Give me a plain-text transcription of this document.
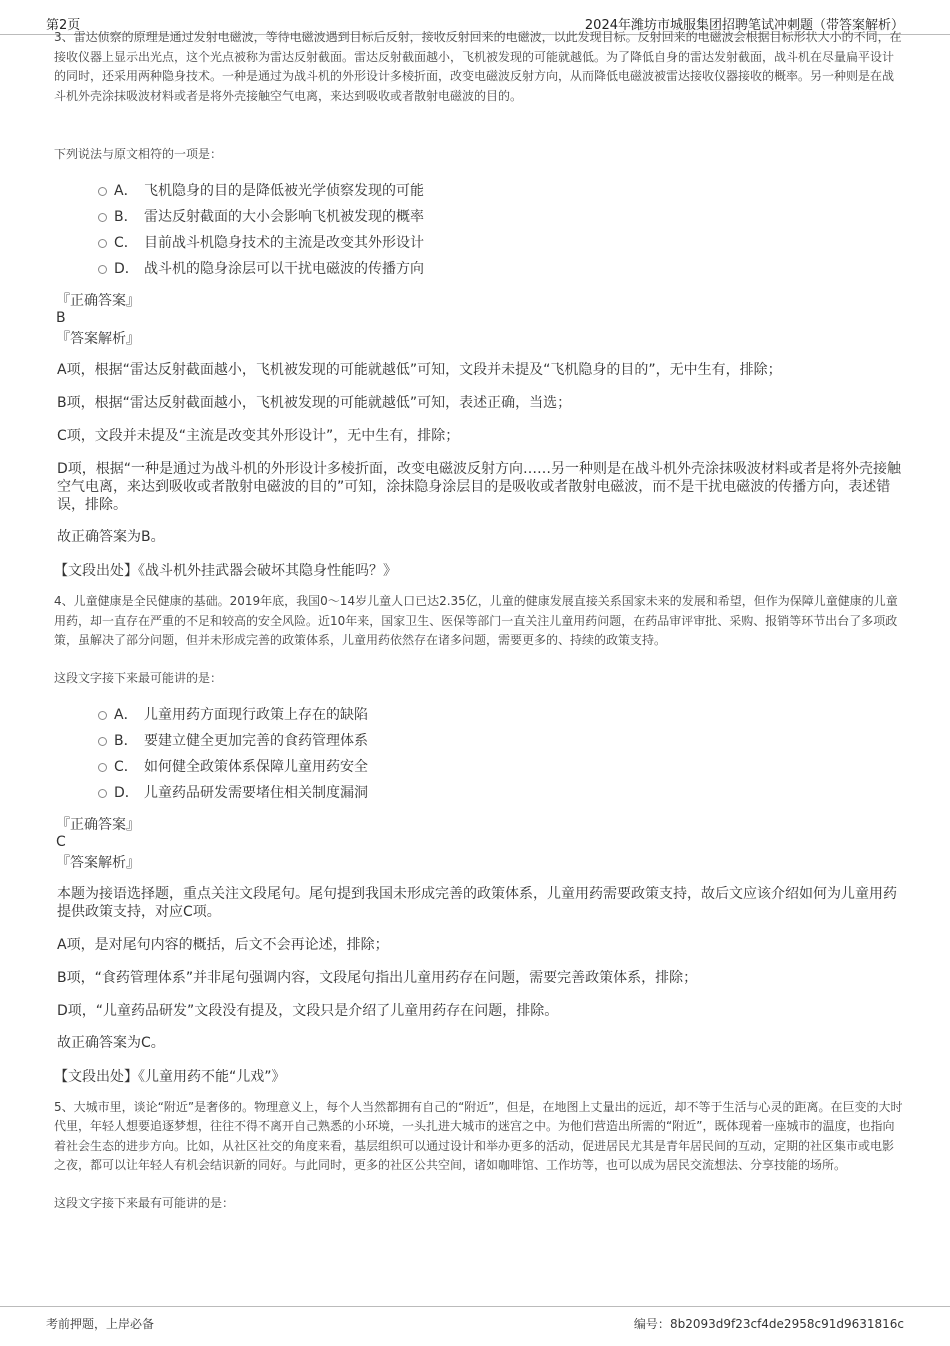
第2页	2024年潍坊市城服集团招聘笔试冲刺题（带答案解析）

3、雷达侦察的原理是通过发射电磁波，等待电磁波遇到目标后反射，接收反射回来的电磁波，以此发现目标。反射回来的电磁波会根据目标形状大小的不同，在接收仪器上显示出光点，这个光点被称为雷达反射截面。雷达反射截面越小，飞机被发现的可能就越低。为了降低自身的雷达发射截面，战斗机在尽量扁平设计的同时，还采用两种隐身技术。一种是通过为战斗机的外形设计多棱折面，改变电磁波反射方向，从而降低电磁波被雷达接收仪器接收的概率。另一种则是在战斗机外壳涂抹吸波材料或者是将外壳接触空气电离，来达到吸收或者散射电磁波的目的。

下列说法与原文相符的一项是：

A． 飞机隐身的目的是降低被光学侦察发现的可能
B． 雷达反射截面的大小会影响飞机被发现的概率
C． 目前战斗机隐身技术的主流是改变其外形设计
D． 战斗机的隐身涂层可以干扰电磁波的传播方向

『正确答案』

B

『答案解析』

A项，根据“雷达反射截面越小，飞机被发现的可能就越低”可知，文段并未提及“飞机隐身的目的”，无中生有，排除；

B项，根据“雷达反射截面越小，飞机被发现的可能就越低”可知，表述正确，当选；

C项，文段并未提及“主流是改变其外形设计”，无中生有，排除；

D项，根据“一种是通过为战斗机的外形设计多棱折面，改变电磁波反射方向……另一种则是在战斗机外壳涂抹吸波材料或者是将外壳接触空气电离，来达到吸收或者散射电磁波的目的”可知，涂抹隐身涂层目的是吸收或者散射电磁波，而不是干扰电磁波的传播方向，表述错误，排除。

故正确答案为B。

【文段出处】《战斗机外挂武器会破坏其隐身性能吗？》

4、儿童健康是全民健康的基础。2019年底，我国0～14岁儿童人口已达2.35亿，儿童的健康发展直接关系国家未来的发展和希望，但作为保障儿童健康的儿童用药，却一直存在严重的不足和较高的安全风险。近10年来，国家卫生、医保等部门一直关注儿童用药问题，在药品审评审批、采购、报销等环节出台了多项政策，虽解决了部分问题，但并未形成完善的政策体系，儿童用药依然存在诸多问题，需要更多的、持续的政策支持。

这段文字接下来最可能讲的是：

A． 儿童用药方面现行政策上存在的缺陷
B． 要建立健全更加完善的食药管理体系
C． 如何健全政策体系保障儿童用药安全
D． 儿童药品研发需要堵住相关制度漏洞

『正确答案』

C

『答案解析』

本题为接语选择题，重点关注文段尾句。尾句提到我国未形成完善的政策体系，儿童用药需要政策支持，故后文应该介绍如何为儿童用药提供政策支持，对应C项。

A项，是对尾句内容的概括，后文不会再论述，排除；

B项，“食药管理体系”并非尾句强调内容，文段尾句指出儿童用药存在问题，需要完善政策体系，排除；

D项，“儿童药品研发”文段没有提及，文段只是介绍了儿童用药存在问题，排除。

故正确答案为C。

【文段出处】《儿童用药不能“儿戏”》

5、大城市里，谈论“附近”是奢侈的。物理意义上，每个人当然都拥有自己的“附近”，但是，在地图上丈量出的远近，却不等于生活与心灵的距离。在巨变的大时代里，年轻人想要追逐梦想，往往不得不离开自己熟悉的小环境，一头扎进大城市的迷宫之中。为他们营造出所需的“附近”，既体现着一座城市的温度，也指向着社会生态的进步方向。比如，从社区社交的角度来看，基层组织可以通过设计和举办更多的活动，促进居民尤其是青年居民间的互动，定期的社区集市或电影之夜，都可以让年轻人有机会结识新的同好。与此同时，更多的社区公共空间，诸如咖啡馆、工作坊等，也可以成为居民交流想法、分享技能的场所。

这段文字接下来最有可能讲的是：

考前押题，上岸必备	编号：8b2093d9f23cf4de2958c91d9631816c
